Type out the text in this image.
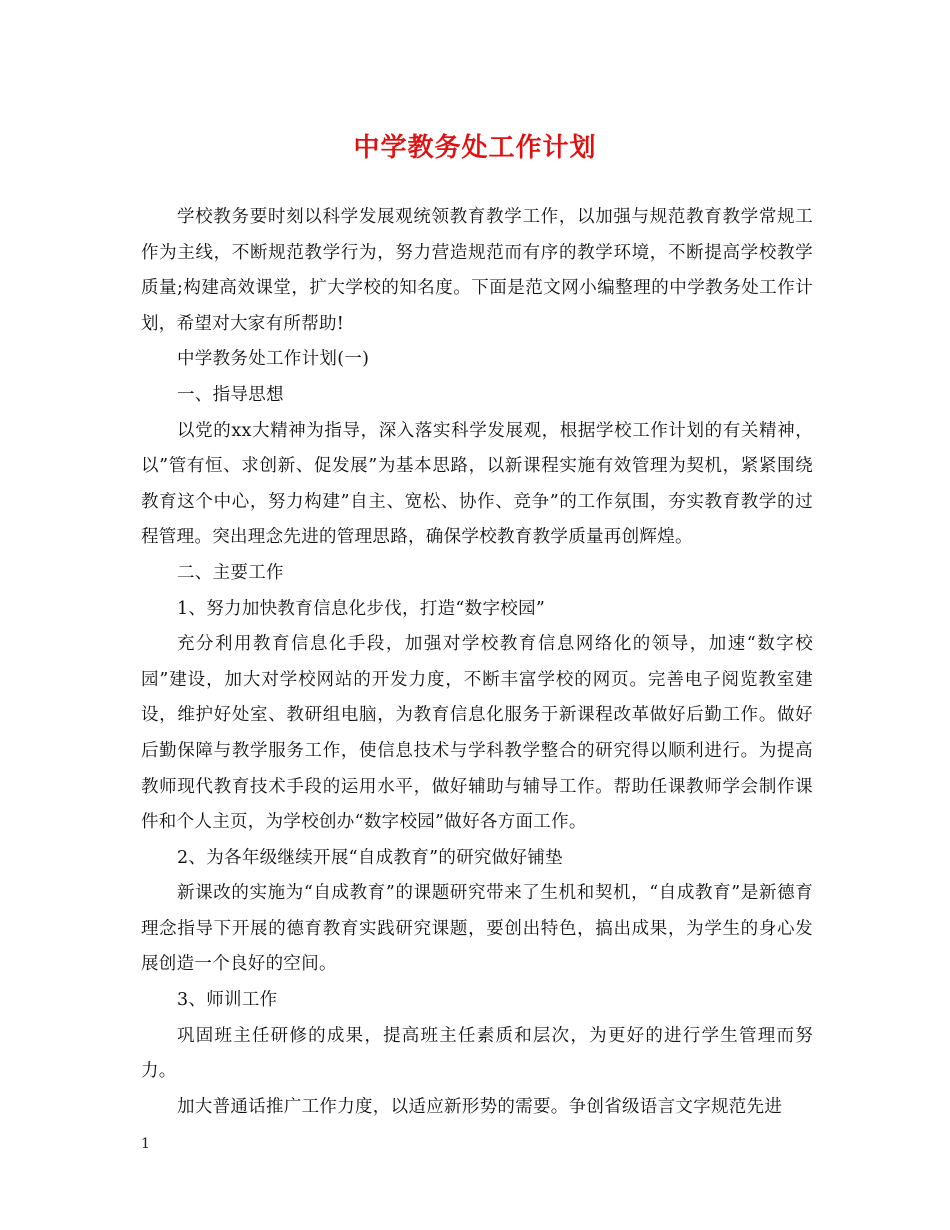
中学教务处工作计划

学校教务要时刻以科学发展观统领教育教学工作，以加强与规范教育教学常规工作为主线，不断规范教学行为，努力营造规范而有序的教学环境，不断提高学校教学质量;构建高效课堂，扩大学校的知名度。下面是范文网小编整理的中学教务处工作计划，希望对大家有所帮助!

中学教务处工作计划(一)

一、指导思想

以党的xx大精神为指导，深入落实科学发展观，根据学校工作计划的有关精神，以”管有恒、求创新、促发展”为基本思路，以新课程实施有效管理为契机，紧紧围绕教育这个中心，努力构建”自主、宽松、协作、竞争”的工作氛围，夯实教育教学的过程管理。突出理念先进的管理思路，确保学校教育教学质量再创辉煌。

二、主要工作

1、努力加快教育信息化步伐，打造“数字校园”

充分利用教育信息化手段，加强对学校教育信息网络化的领导，加速“数字校园”建设，加大对学校网站的开发力度，不断丰富学校的网页。完善电子阅览教室建设，维护好处室、教研组电脑，为教育信息化服务于新课程改革做好后勤工作。做好后勤保障与教学服务工作，使信息技术与学科教学整合的研究得以顺利进行。为提高教师现代教育技术手段的运用水平，做好辅助与辅导工作。帮助任课教师学会制作课件和个人主页，为学校创办“数字校园”做好各方面工作。

2、为各年级继续开展“自成教育”的研究做好铺垫

新课改的实施为“自成教育”的课题研究带来了生机和契机，“自成教育”是新德育理念指导下开展的德育教育实践研究课题，要创出特色，搞出成果，为学生的身心发展创造一个良好的空间。

3、师训工作

巩固班主任研修的成果，提高班主任素质和层次，为更好的进行学生管理而努力。

加大普通话推广工作力度，以适应新形势的需要。争创省级语言文字规范先进

1
